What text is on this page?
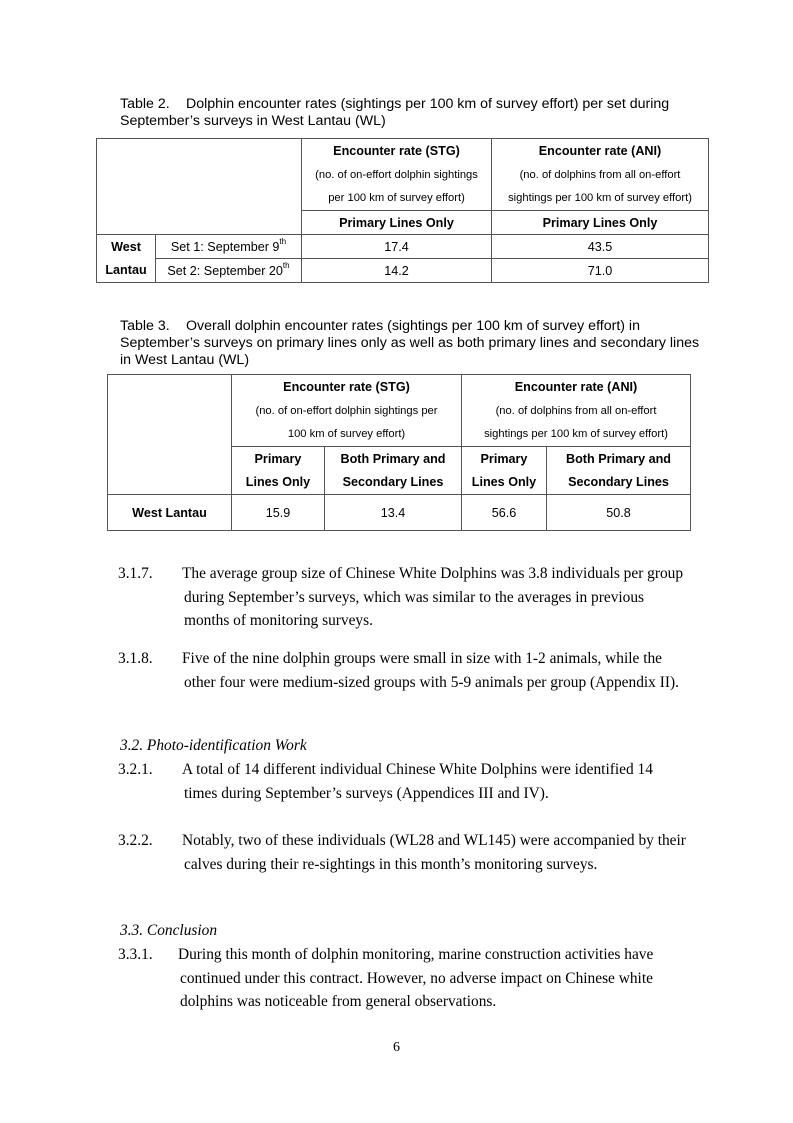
Table 2. Dolphin encounter rates (sightings per 100 km of survey effort) per set during September’s surveys in West Lantau (WL)
		Encounter rate (STG)	Encounter rate (ANI)
		(no. of on-effort dolphin sightings	(no. of dolphins from all on-effort
		per 100 km of survey effort)	sightings per 100 km of survey effort)
		Primary Lines Only	Primary Lines Only
West	Set 1: September 9th	17.4	43.5
Lantau	Set 2: September 20th	14.2	71.0
Table 3. Overall dolphin encounter rates (sightings per 100 km of survey effort) in September’s surveys on primary lines only as well as both primary lines and secondary lines in West Lantau (WL)
	Encounter rate (STG)		Encounter rate (ANI)	
	(no. of on-effort dolphin sightings per		(no. of dolphins from all on-effort	
	100 km of survey effort)		sightings per 100 km of survey effort)	
	Primary	Both Primary and	Primary	Both Primary and
	Lines Only	Secondary Lines	Lines Only	Secondary Lines
West Lantau	15.9	13.4	56.6	50.8
3.1.7. The average group size of Chinese White Dolphins was 3.8 individuals per group during September’s surveys, which was similar to the averages in previous months of monitoring surveys.
3.1.8. Five of the nine dolphin groups were small in size with 1-2 animals, while the other four were medium-sized groups with 5-9 animals per group (Appendix II).
3.2. Photo-identification Work
3.2.1. A total of 14 different individual Chinese White Dolphins were identified 14 times during September’s surveys (Appendices III and IV).
3.2.2. Notably, two of these individuals (WL28 and WL145) were accompanied by their calves during their re-sightings in this month’s monitoring surveys.
3.3. Conclusion
3.3.1. During this month of dolphin monitoring, marine construction activities have continued under this contract. However, no adverse impact on Chinese white dolphins was noticeable from general observations.
6
